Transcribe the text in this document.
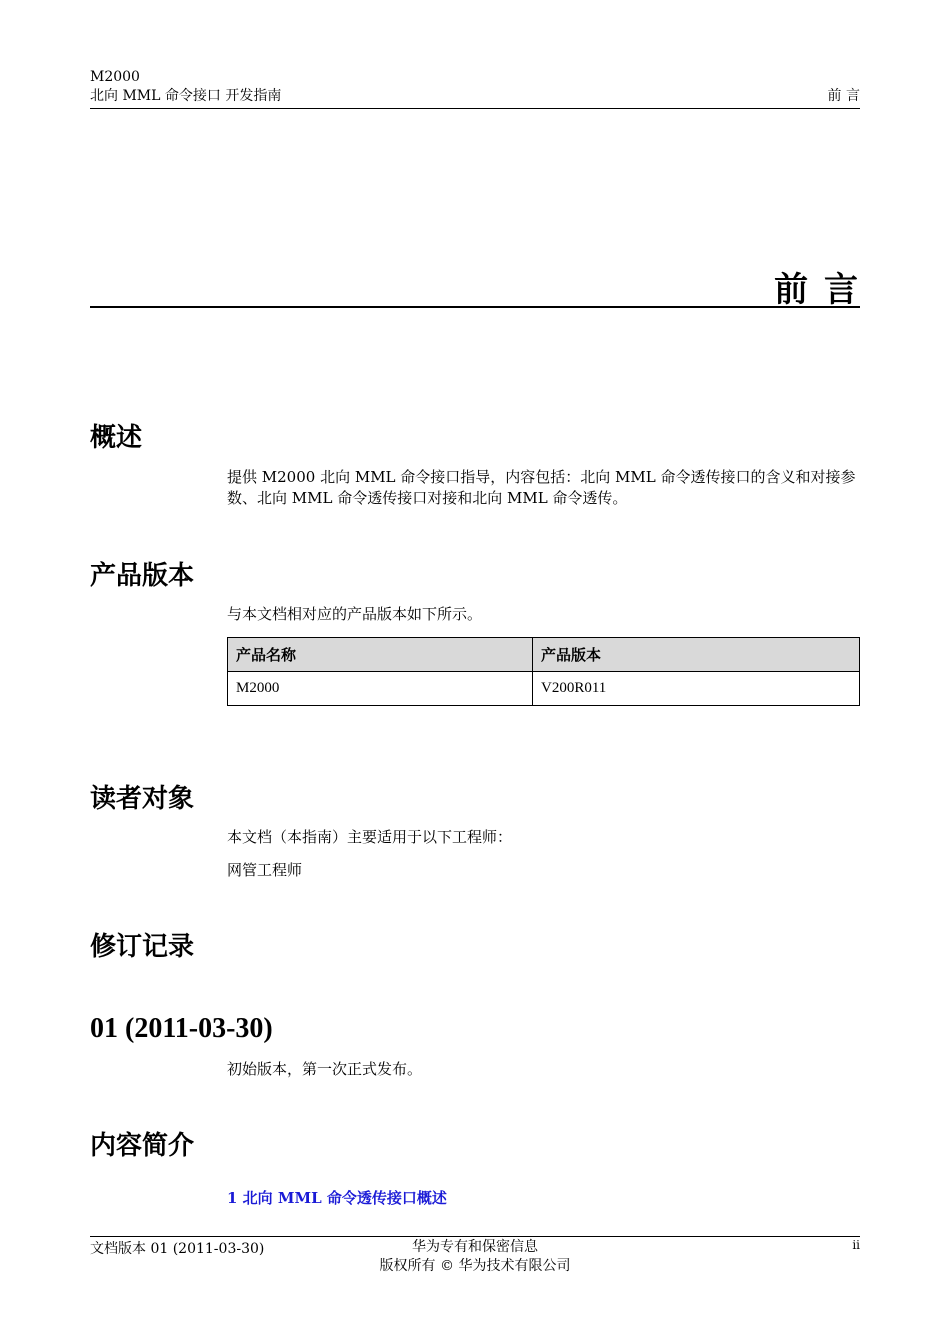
M2000
北向 MML 命令接口 开发指南	前 言
前 言
概述
提供 M2000 北向 MML 命令接口指导，内容包括：北向 MML 命令透传接口的含义和对接参数、北向 MML 命令透传接口对接和北向 MML 命令透传。
产品版本
与本文档相对应的产品版本如下所示。
产品名称	产品版本
M2000	V200R011
读者对象
本文档（本指南）主要适用于以下工程师：
网管工程师
修订记录
01 (2011-03-30)
初始版本，第一次正式发布。
内容简介
1 北向 MML 命令透传接口概述
文档版本 01 (2011-03-30)	华为专有和保密信息
版权所有 © 华为技术有限公司
ii
